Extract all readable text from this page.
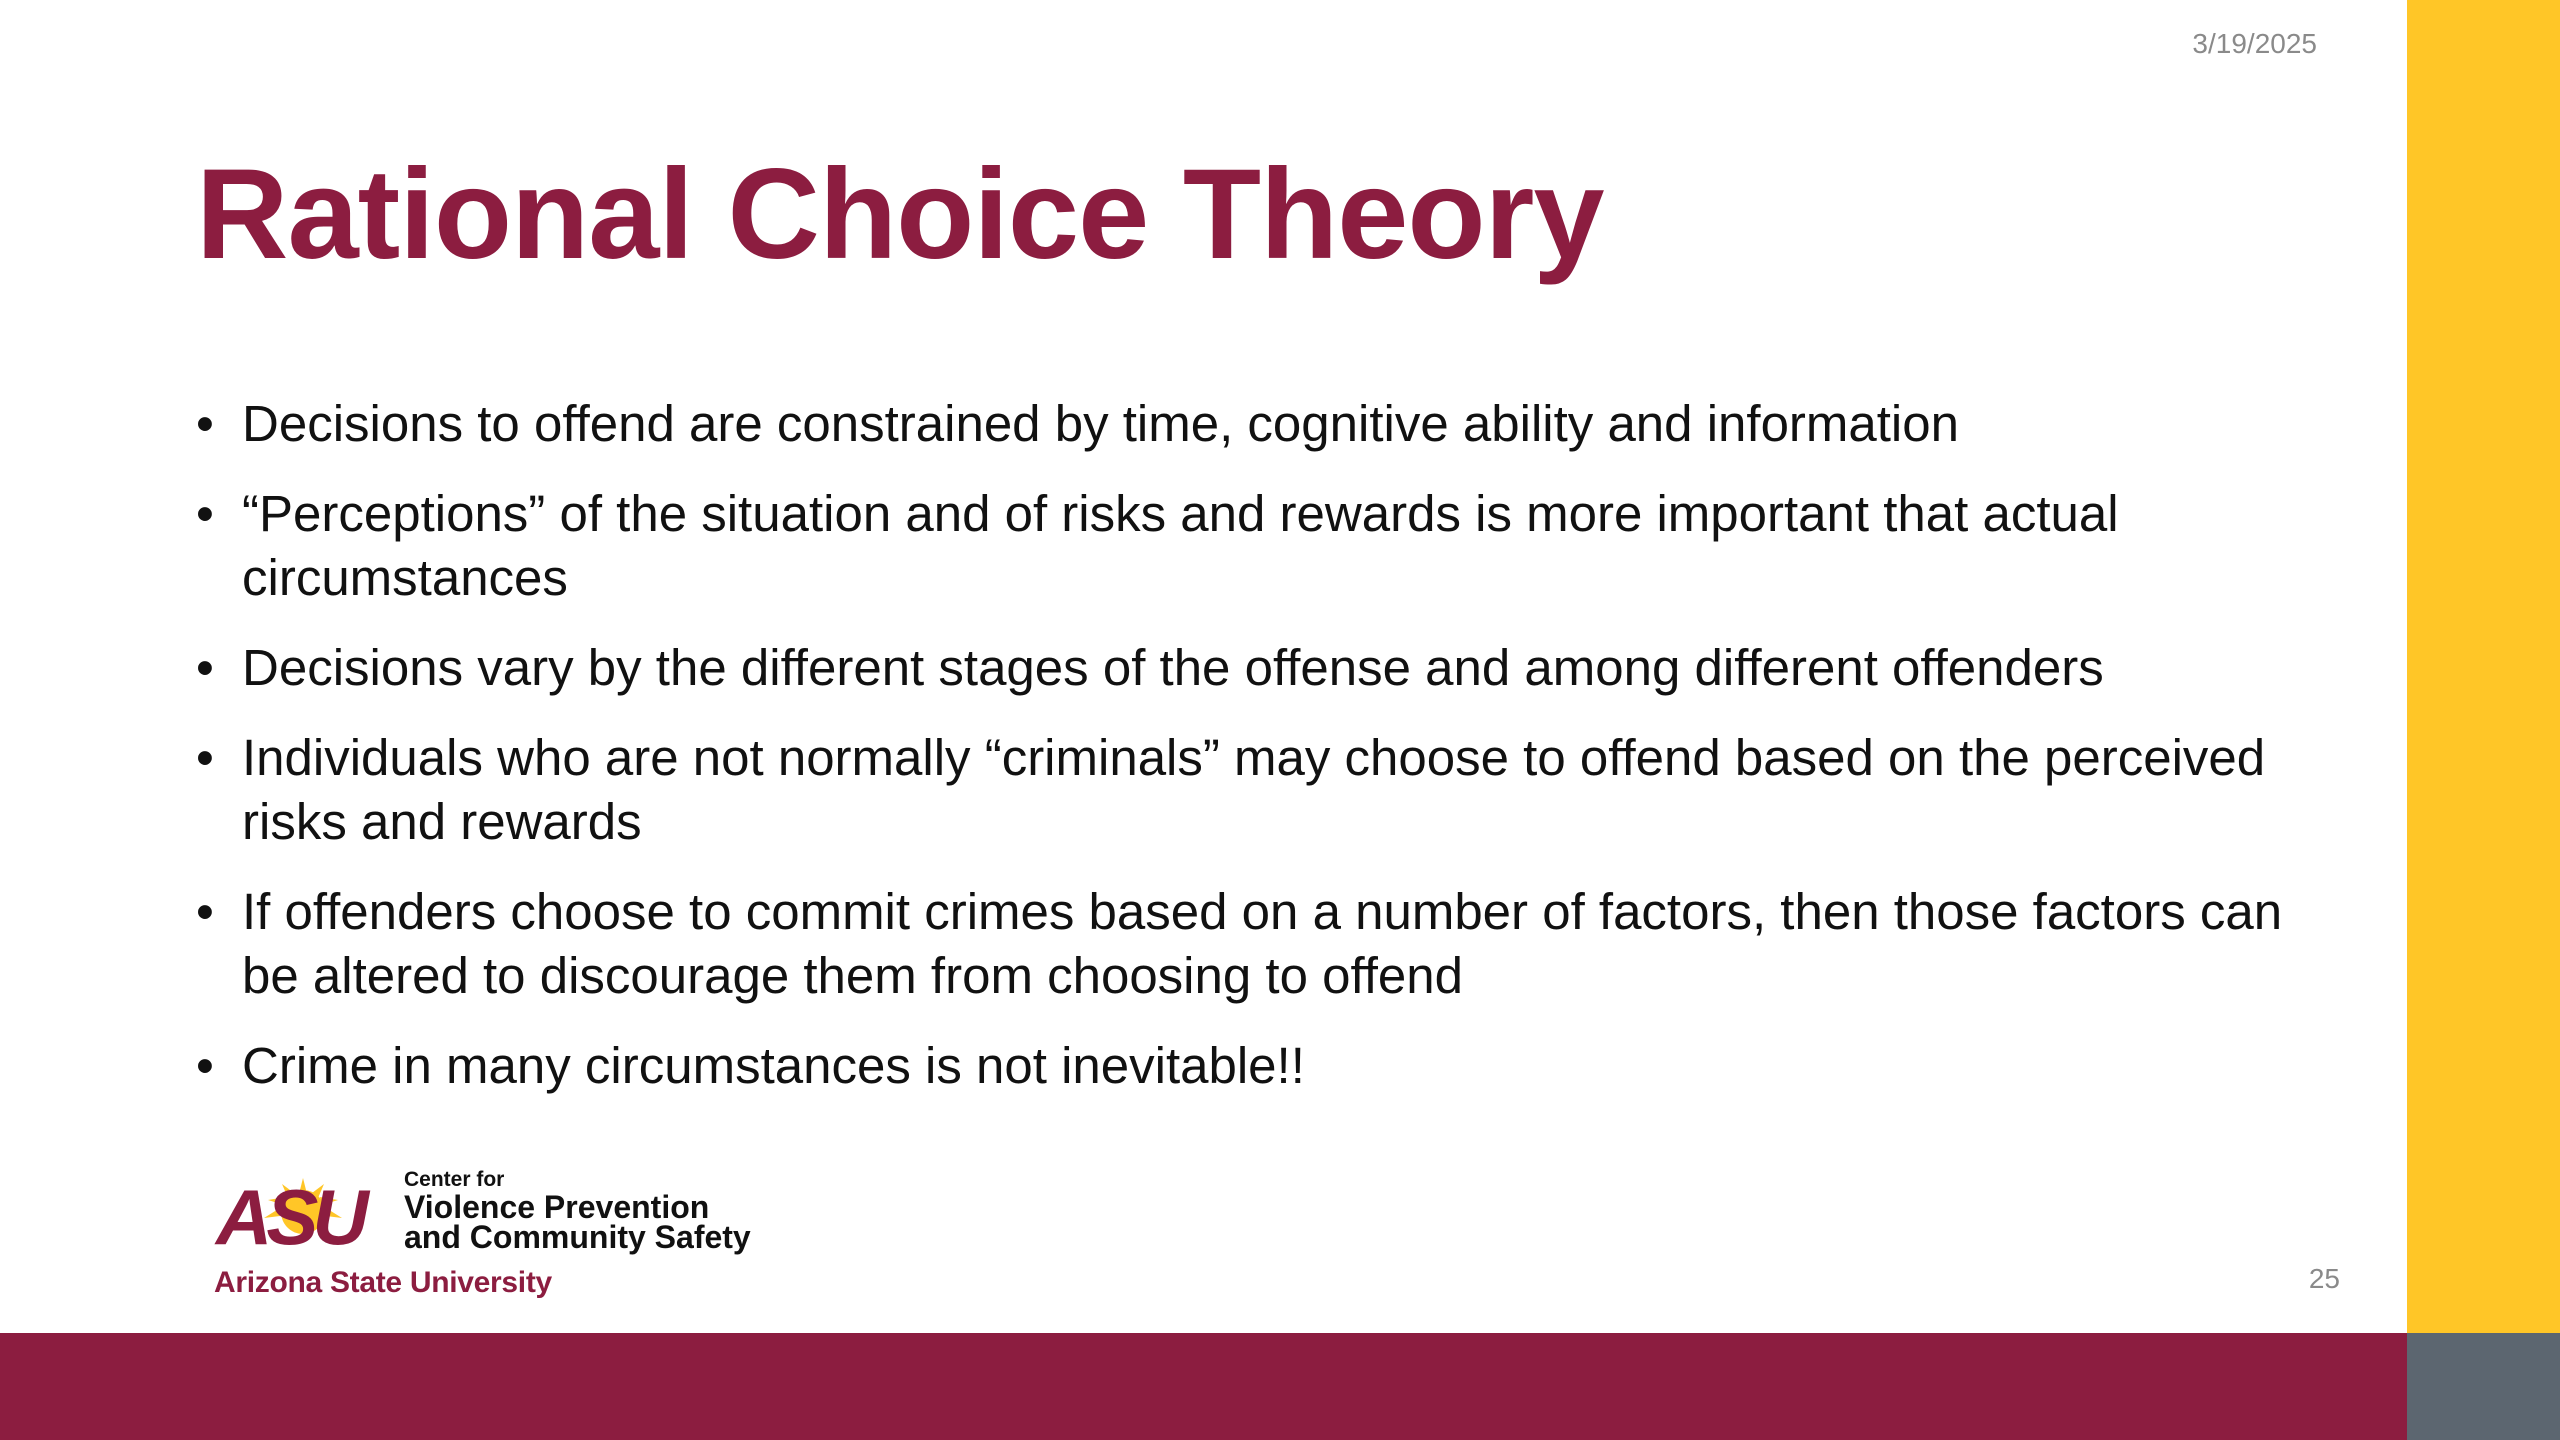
3/19/2025
Rational Choice Theory
• Decisions to offend are constrained by time, cognitive ability and information
• “Perceptions” of the situation and of risks and rewards is more important that actual circumstances
• Decisions vary by the different stages of the offense and among different offenders
• Individuals who are not normally “criminals” may choose to offend based on the perceived risks and rewards
• If offenders choose to commit crimes based on a number of factors, then those factors can be altered to discourage them from choosing to offend
• Crime in many circumstances is not inevitable!!
ASU	Center for
Violence Prevention
and Community Safety
Arizona State University	25
